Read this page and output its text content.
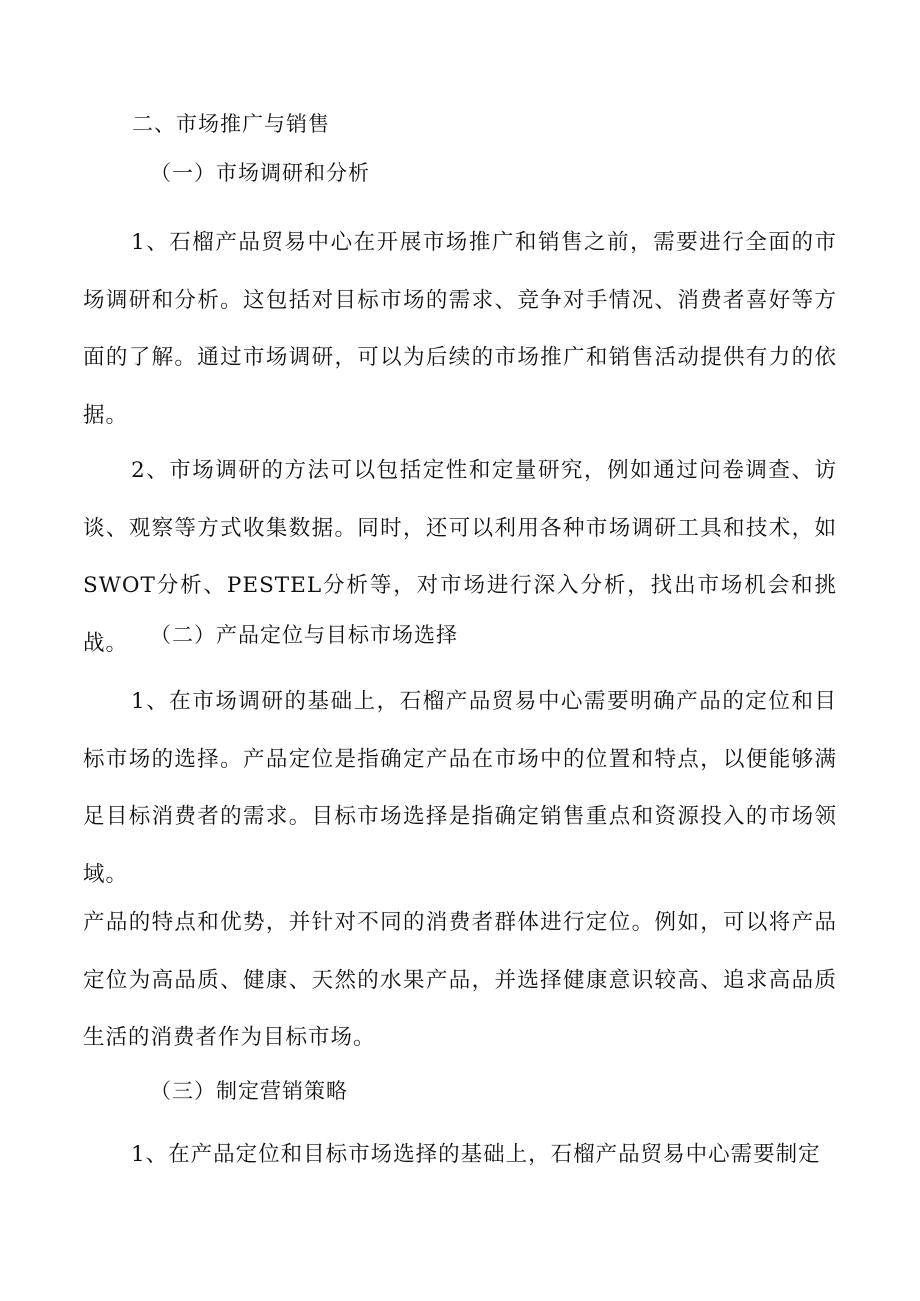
二、市场推广与销售
（一）市场调研和分析

1、石榴产品贸易中心在开展市场推广和销售之前，需要进行全面的市场调研和分析。这包括对目标市场的需求、竞争对手情况、消费者喜好等方面的了解。通过市场调研，可以为后续的市场推广和销售活动提供有力的依据。

2、市场调研的方法可以包括定性和定量研究，例如通过问卷调查、访谈、观察等方式收集数据。同时，还可以利用各种市场调研工具和技术，如SWOT分析、PESTEL分析等，对市场进行深入分析，找出市场机会和挑战。	（二）产品定位与目标市场选择

1、在市场调研的基础上，石榴产品贸易中心需要明确产品的定位和目标市场的选择。产品定位是指确定产品在市场中的位置和特点，以便能够满足目标消费者的需求。目标市场选择是指确定销售重点和资源投入的市场领域。

产品的特点和优势，并针对不同的消费者群体进行定位。例如，可以将产品定位为高品质、健康、天然的水果产品，并选择健康意识较高、追求高品质生活的消费者作为目标市场。

（三）制定营销策略

1、在产品定位和目标市场选择的基础上，石榴产品贸易中心需要制定
